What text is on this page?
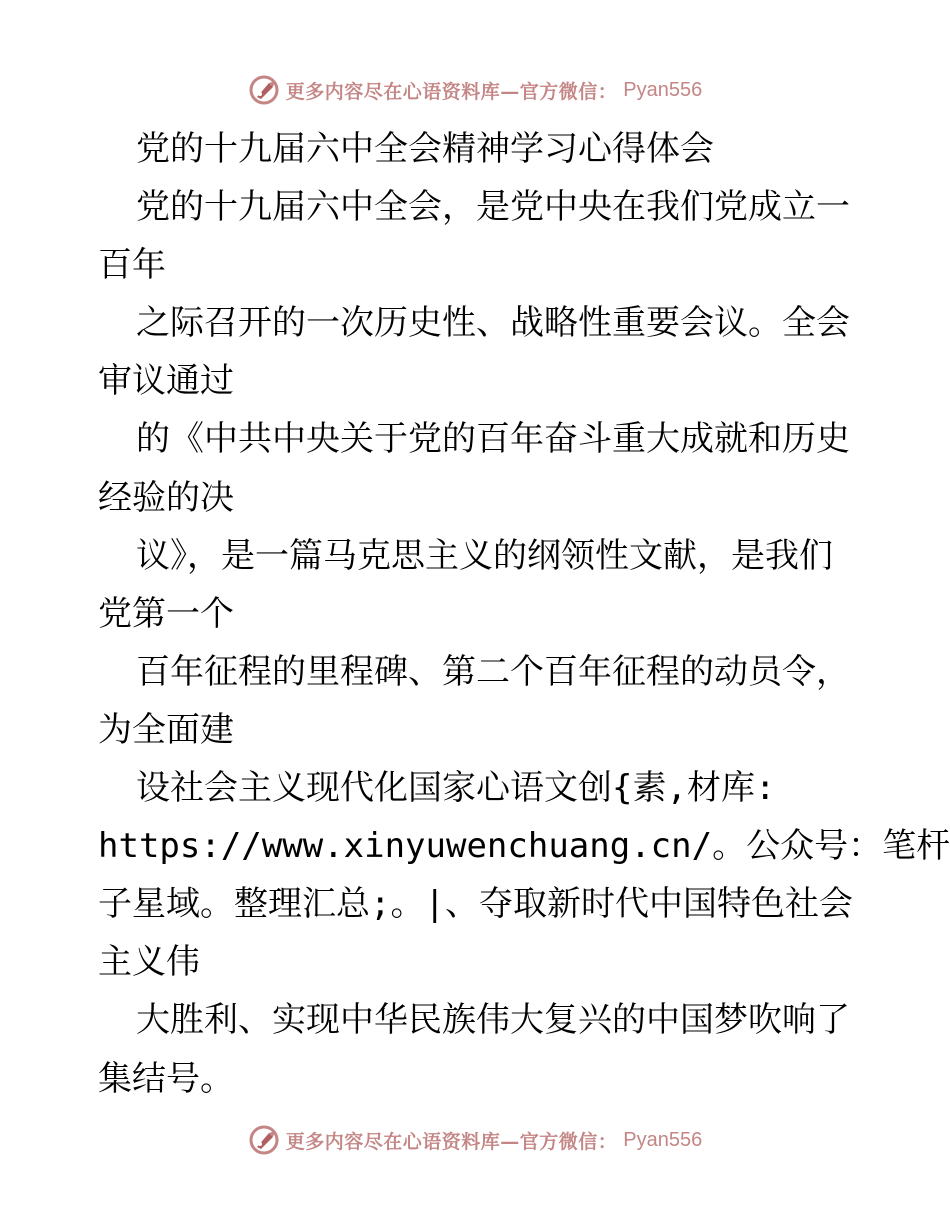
更多内容尽在心语资料库—官方微信： Pyan556
党的十九届六中全会精神学习心得体会
党的十九届六中全会，是党中央在我们党成立一
百年
之际召开的一次历史性、战略性重要会议。全会
审议通过
的《中共中央关于党的百年奋斗重大成就和历史
经验的决
议》，是一篇马克思主义的纲领性文献，是我们
党第一个
百年征程的里程碑、第二个百年征程的动员令，
为全面建
设社会主义现代化国家心语文创{素,材库:
https://www.xinyuwenchuang.cn/。公众号：笔杆
子星域。整理汇总;。|、夺取新时代中国特色社会
主义伟
大胜利、实现中华民族伟大复兴的中国梦吹响了
集结号。
更多内容尽在心语资料库—官方微信： Pyan556
